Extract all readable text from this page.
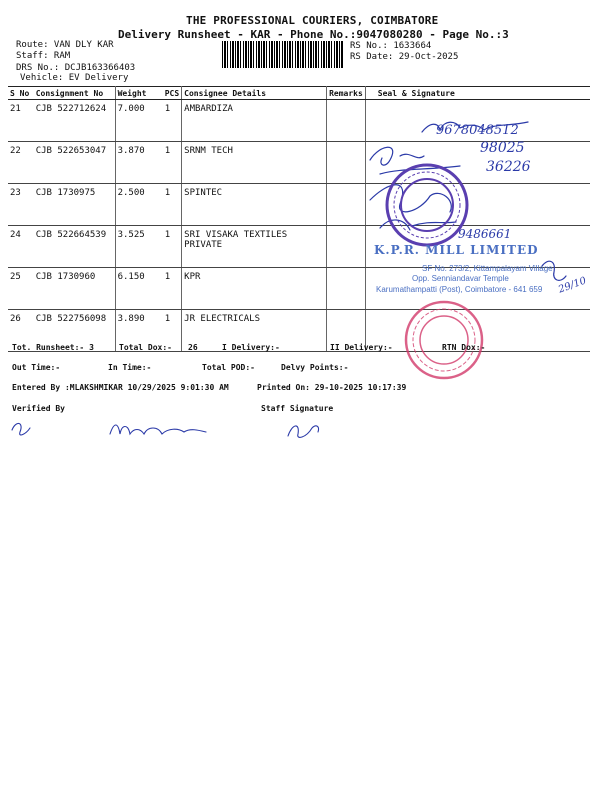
THE PROFESSIONAL COURIERS, COIMBATORE
Delivery Runsheet - KAR - Phone No.:9047080280 - Page No.:3
Route: VAN DLY KAR
Staff: RAM
DRS No.: DCJB163366403
Vehicle: EV Delivery
RS No.: 1633664
RS Date: 29-Oct-2025
S No	Consignment No	Weight	PCS	Consignee Details	Remarks	Seal & Signature
21	CJB 522712624	7.000	1	AMBARDIZA		
22	CJB 522653047	3.870	1	SRNM TECH		
23	CJB 1730975	2.500	1	SPINTEC		
24	CJB 522664539	3.525	1	SRI VISAKA TEXTILES PRIVATE		
25	CJB 1730960	6.150	1	KPR		
26	CJB 522756098	3.890	1	JR ELECTRICALS		
9678048512
98025
36226
9486661
29/10
K.P.R. MILL LIMITED
SF No. 273/2, Kittampalayam Village
Opp. Senniandavar Temple
Karumathampatti (Post), Coimbatore - 641 659
Tot. Runsheet:- 3	Total Dox:- 26	I Delivery:-	II Delivery:-	RTN Dox:-
Out Time:-	In Time:-	Total POD:-	Delvy Points:-
Entered By :MLAKSHMIKAR 10/29/2025 9:01:30 AM	Printed On: 29-10-2025 10:17:39
Verified By	Staff Signature
